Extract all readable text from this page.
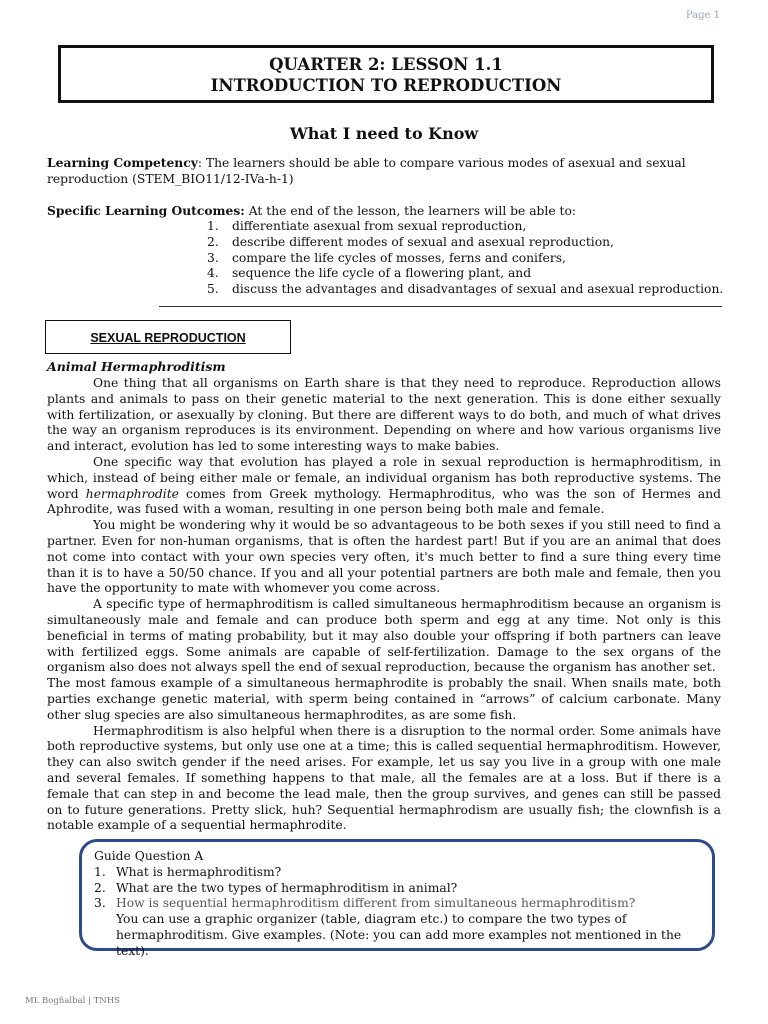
Page 1
QUARTER 2: LESSON 1.1
INTRODUCTION TO REPRODUCTION
What I need to Know
Learning Competency: The learners should be able to compare various modes of asexual and sexual reproduction (STEM_BIO11/12-IVa-h-1)
Specific Learning Outcomes: At the end of the lesson, the learners will be able to:
1.	differentiate asexual from sexual reproduction,
2.	describe different modes of sexual and asexual reproduction,
3.	compare the life cycles of mosses, ferns and conifers,
4.	sequence the life cycle of a flowering plant, and
5.	discuss the advantages and disadvantages of sexual and asexual reproduction.
SEXUAL REPRODUCTION
Animal Hermaphroditism

One thing that all organisms on Earth share is that they need to reproduce. Reproduction allows plants and animals to pass on their genetic material to the next generation. This is done either sexually with fertilization, or asexually by cloning. But there are different ways to do both, and much of what drives the way an organism reproduces is its environment. Depending on where and how various organisms live and interact, evolution has led to some interesting ways to make babies.

One specific way that evolution has played a role in sexual reproduction is hermaphroditism, in which, instead of being either male or female, an individual organism has both reproductive systems. The word hermaphrodite comes from Greek mythology. Hermaphroditus, who was the son of Hermes and Aphrodite, was fused with a woman, resulting in one person being both male and female.

You might be wondering why it would be so advantageous to be both sexes if you still need to find a partner. Even for non-human organisms, that is often the hardest part! But if you are an animal that does not come into contact with your own species very often, it's much better to find a sure thing every time than it is to have a 50/50 chance. If you and all your potential partners are both male and female, then you have the opportunity to mate with whomever you come across.

A specific type of hermaphroditism is called simultaneous hermaphroditism because an organism is simultaneously male and female and can produce both sperm and egg at any time. Not only is this beneficial in terms of mating probability, but it may also double your offspring if both partners can leave with fertilized eggs. Some animals are capable of self-fertilization. Damage to the sex organs of the organism also does not always spell the end of sexual reproduction, because the organism has another set.

The most famous example of a simultaneous hermaphrodite is probably the snail. When snails mate, both parties exchange genetic material, with sperm being contained in “arrows” of calcium carbonate. Many other slug species are also simultaneous hermaphrodites, as are some fish.

Hermaphroditism is also helpful when there is a disruption to the normal order. Some animals have both reproductive systems, but only use one at a time; this is called sequential hermaphroditism. However, they can also switch gender if the need arises. For example, let us say you live in a group with one male and several females. If something happens to that male, all the females are at a loss. But if there is a female that can step in and become the lead male, then the group survives, and genes can still be passed on to future generations. Pretty slick, huh? Sequential hermaphrodism are usually fish; the clownfish is a notable example of a sequential hermaphrodite.

Guide Question A
1. What is hermaphroditism?
2. What are the two types of hermaphroditism in animal?
3. How is sequential hermaphroditism different from simultaneous hermaphroditism?
You can use a graphic organizer (table, diagram etc.) to compare the two types of hermaphroditism. Give examples. (Note: you can add more examples not mentioned in the text).
ML Bogñalbal | TNHS
